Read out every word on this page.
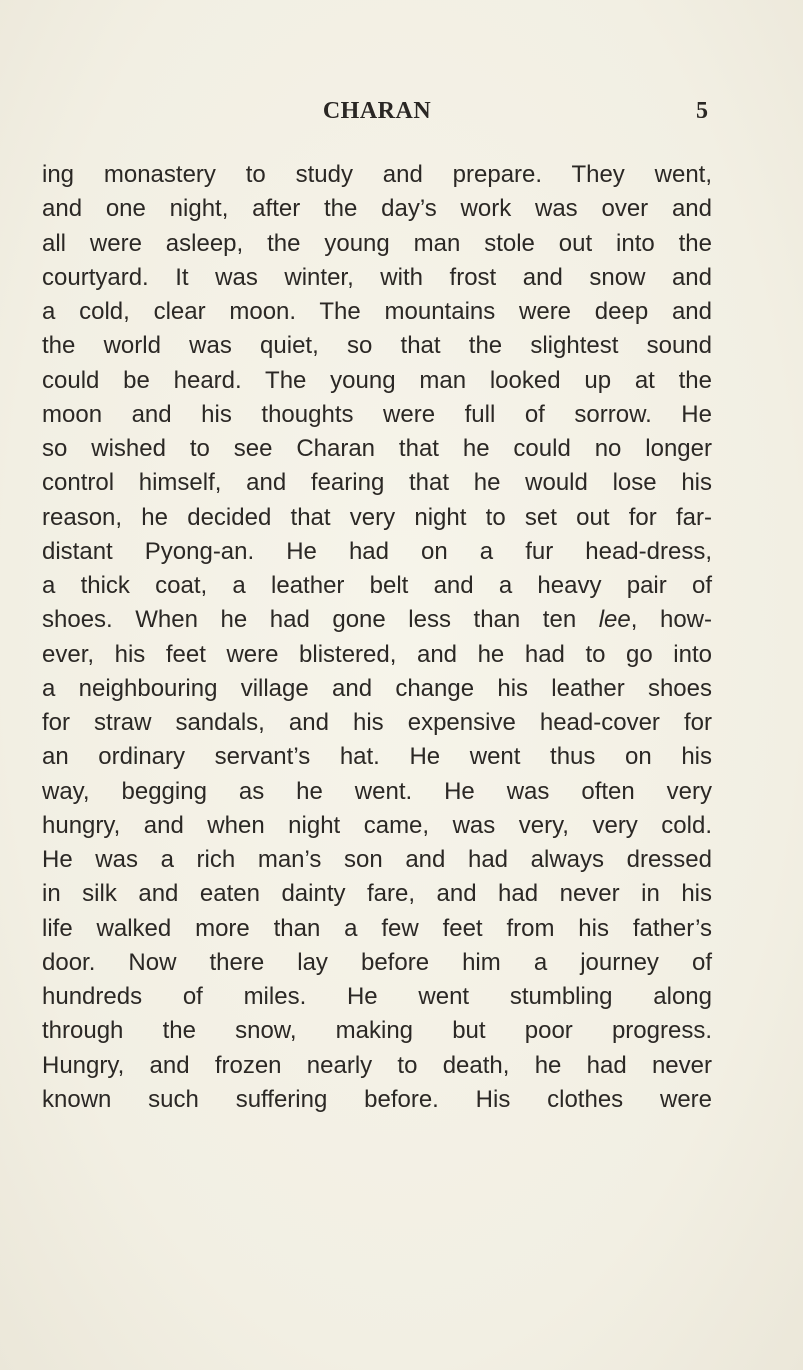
CHARAN	5
ing monastery to study and prepare. They went,
and one night, after the day’s work was over and
all were asleep, the young man stole out into the
courtyard. It was winter, with frost and snow and
a cold, clear moon. The mountains were deep and
the world was quiet, so that the slightest sound
could be heard. The young man looked up at the
moon and his thoughts were full of sorrow. He
so wished to see Charan that he could no longer
control himself, and fearing that he would lose his
reason, he decided that very night to set out for far-
distant Pyong-an. He had on a fur head-dress,
a thick coat, a leather belt and a heavy pair of
shoes. When he had gone less than ten lee, how-
ever, his feet were blistered, and he had to go into
a neighbouring village and change his leather shoes
for straw sandals, and his expensive head-cover for
an ordinary servant’s hat. He went thus on his
way, begging as he went. He was often very
hungry, and when night came, was very, very cold.
He was a rich man’s son and had always dressed
in silk and eaten dainty fare, and had never in his
life walked more than a few feet from his father’s
door. Now there lay before him a journey of
hundreds of miles. He went stumbling along
through the snow, making but poor progress.
Hungry, and frozen nearly to death, he had never
known such suffering before. His clothes were
